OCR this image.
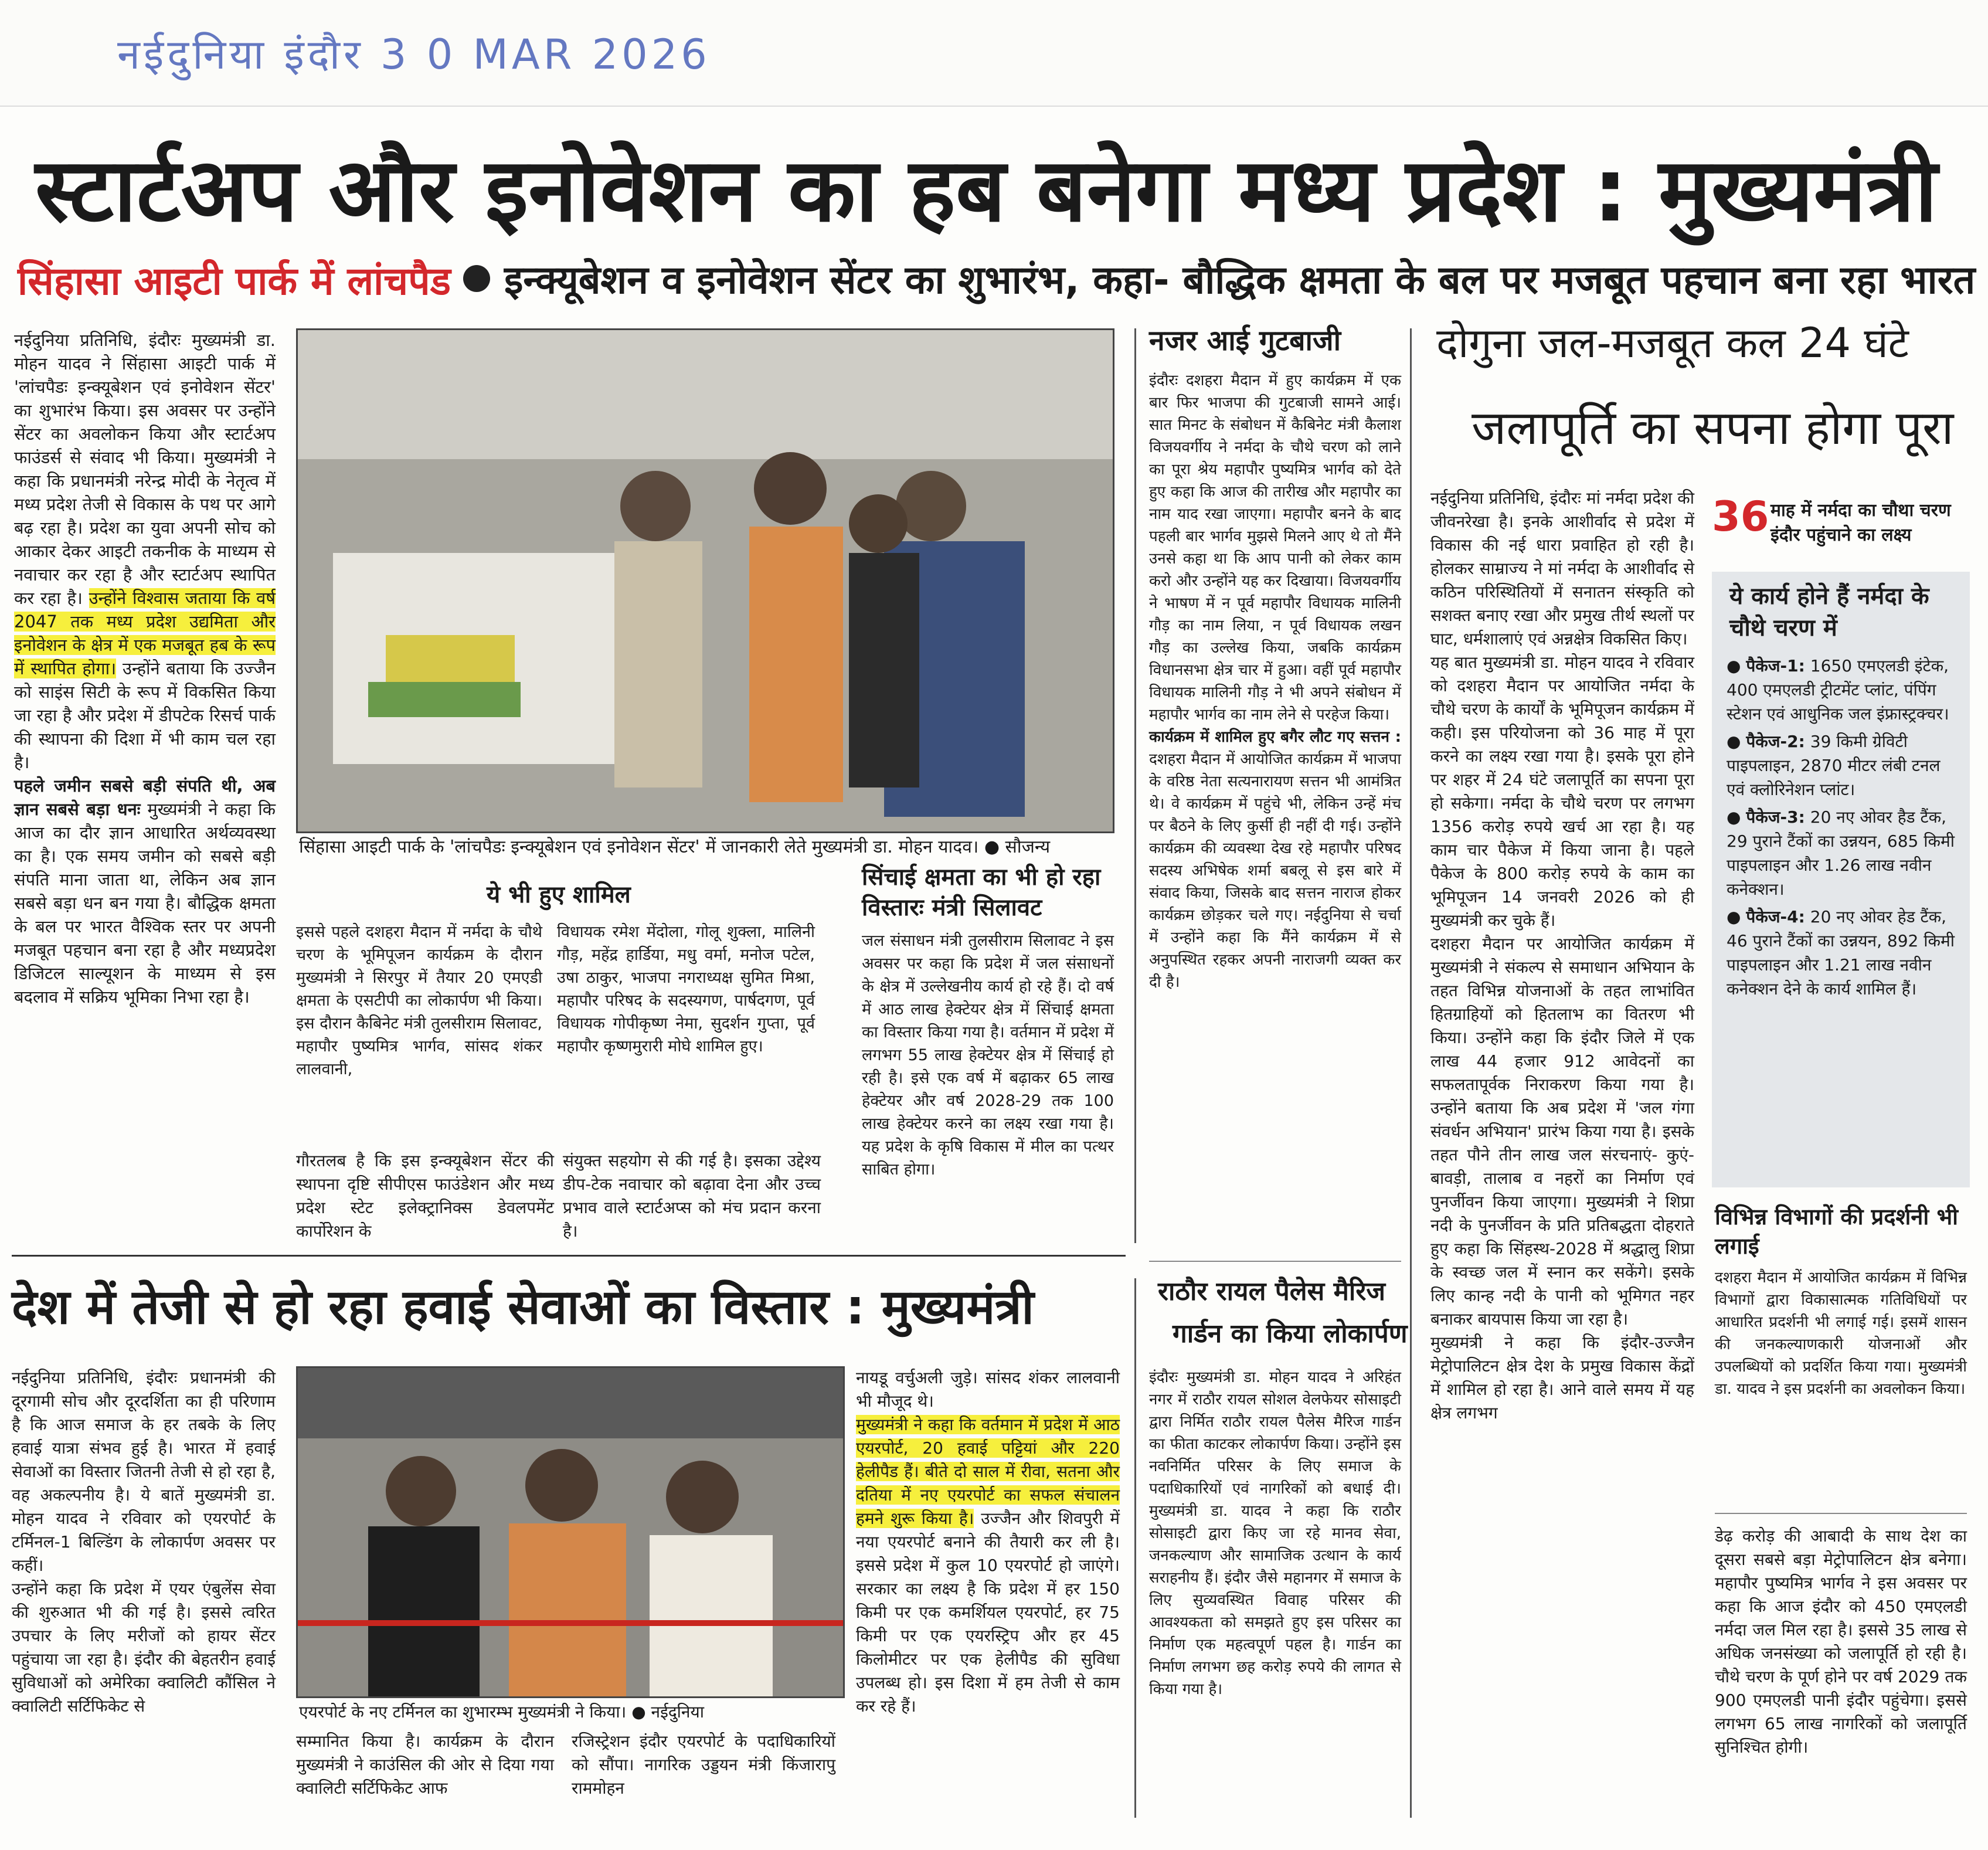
नईदुनिया इंदौर 3 0 MAR 2026
स्टार्टअप और इनोवेशन का हब बनेगा मध्य प्रदेश : मुख्यमंत्री
सिंहासा आइटी पार्क में लांचपैड इन्क्यूबेशन व इनोवेशन सेंटर का शुभारंभ, कहा- बौद्धिक क्षमता के बल पर मजबूत पहचान बना रहा भारत
नईदुनिया प्रतिनिधि, इंदौरः मुख्यमंत्री डा. मोहन यादव ने सिंहासा आइटी पार्क में 'लांचपैडः इन्क्यूबेशन एवं इनोवेशन सेंटर' का शुभारंभ किया। इस अवसर पर उन्होंने सेंटर का अवलोकन किया और स्टार्टअप फाउंडर्स से संवाद भी किया। मुख्यमंत्री ने कहा कि प्रधानमंत्री नरेन्द्र मोदी के नेतृत्व में मध्य प्रदेश तेजी से विकास के पथ पर आगे बढ़ रहा है। प्रदेश का युवा अपनी सोच को आकार देकर आइटी तकनीक के माध्यम से नवाचार कर रहा है और स्टार्टअप स्थापित कर रहा है। उन्होंने विश्वास जताया कि वर्ष 2047 तक मध्य प्रदेश उद्यमिता और इनोवेशन के क्षेत्र में एक मजबूत हब के रूप में स्थापित होगा। उन्होंने बताया कि उज्जैन को साइंस सिटी के रूप में विकसित किया जा रहा है और प्रदेश में डीपटेक रिसर्च पार्क की स्थापना की दिशा में भी काम चल रहा है।
पहले जमीन सबसे बड़ी संपति थी, अब ज्ञान सबसे बड़ा धनः मुख्यमंत्री ने कहा कि आज का दौर ज्ञान आधारित अर्थव्यवस्था का है। एक समय जमीन को सबसे बड़ी संपति माना जाता था, लेकिन अब ज्ञान सबसे बड़ा धन बन गया है। बौद्धिक क्षमता के बल पर भारत वैश्विक स्तर पर अपनी मजबूत पहचान बना रहा है और मध्यप्रदेश डिजिटल साल्यूशन के माध्यम से इस बदलाव में सक्रिय भूमिका निभा रहा है।
सिंहासा आइटी पार्क के 'लांचपैडः इन्क्यूबेशन एवं इनोवेशन सेंटर' में जानकारी लेते मुख्यमंत्री डा. मोहन यादव। ● सौजन्य
ये भी हुए शामिल
इससे पहले दशहरा मैदान में नर्मदा के चौथे चरण के भूमिपूजन कार्यक्रम के दौरान मुख्यमंत्री ने सिरपुर में तैयार 20 एमएडी क्षमता के एसटीपी का लोकार्पण भी किया। इस दौरान कैबिनेट मंत्री तुलसीराम सिलावट, महापौर पुष्यमित्र भार्गव, सांसद शंकर लालवानी,
विधायक रमेश मेंदोला, गोलू शुक्ला, मालिनी गौड़, महेंद्र हार्डिया, मधु वर्मा, मनोज पटेल, उषा ठाकुर, भाजपा नगराध्यक्ष सुमित मिश्रा, महापौर परिषद के सदस्यगण, पार्षदगण, पूर्व विधायक गोपीकृष्ण नेमा, सुदर्शन गुप्ता, पूर्व महापौर कृष्णमुरारी मोघे शामिल हुए।
गौरतलब है कि इस इन्क्यूबेशन सेंटर की स्थापना दृष्टि सीपीएस फाउंडेशन और मध्य प्रदेश स्टेट इलेक्ट्रानिक्स डेवलपमेंट कार्पोरेशन के
संयुक्त सहयोग से की गई है। इसका उद्देश्य डीप-टेक नवाचार को बढ़ावा देना और उच्च प्रभाव वाले स्टार्टअप्स को मंच प्रदान करना है।
सिंचाई क्षमता का भी हो रहा विस्तारः मंत्री सिलावट
जल संसाधन मंत्री तुलसीराम सिलावट ने इस अवसर पर कहा कि प्रदेश में जल संसाधनों के क्षेत्र में उल्लेखनीय कार्य हो रहे हैं। दो वर्ष में आठ लाख हेक्टेयर क्षेत्र में सिंचाई क्षमता का विस्तार किया गया है। वर्तमान में प्रदेश में लगभग 55 लाख हेक्टेयर क्षेत्र में सिंचाई हो रही है। इसे एक वर्ष में बढ़ाकर 65 लाख हेक्टेयर और वर्ष 2028-29 तक 100 लाख हेक्टेयर करने का लक्ष्य रखा गया है। यह प्रदेश के कृषि विकास में मील का पत्थर साबित होगा।
नजर आई गुटबाजी
इंदौरः दशहरा मैदान में हुए कार्यक्रम में एक बार फिर भाजपा की गुटबाजी सामने आई। सात मिनट के संबोधन में कैबिनेट मंत्री कैलाश विजयवर्गीय ने नर्मदा के चौथे चरण को लाने का पूरा श्रेय महापौर पुष्यमित्र भार्गव को देते हुए कहा कि आज की तारीख और महापौर का नाम याद रखा जाएगा। महापौर बनने के बाद पहली बार भार्गव मुझसे मिलने आए थे तो मैंने उनसे कहा था कि आप पानी को लेकर काम करो और उन्होंने यह कर दिखाया। विजयवर्गीय ने भाषण में न पूर्व महापौर विधायक मालिनी गौड़ का नाम लिया, न पूर्व विधायक लखन गौड़ का उल्लेख किया, जबकि कार्यक्रम विधानसभा क्षेत्र चार में हुआ। वहीं पूर्व महापौर विधायक मालिनी गौड़ ने भी अपने संबोधन में महापौर भार्गव का नाम लेने से परहेज किया।
कार्यक्रम में शामिल हुए बगैर लौट गए सत्तन : दशहरा मैदान में आयोजित कार्यक्रम में भाजपा के वरिष्ठ नेता सत्यनारायण सत्तन भी आमंत्रित थे। वे कार्यक्रम में पहुंचे भी, लेकिन उन्हें मंच पर बैठने के लिए कुर्सी ही नहीं दी गई। उन्होंने कार्यक्रम की व्यवस्था देख रहे महापौर परिषद सदस्य अभिषेक शर्मा बबलू से इस बारे में संवाद किया, जिसके बाद सत्तन नाराज होकर कार्यक्रम छोड़कर चले गए। नईदुनिया से चर्चा में उन्होंने कहा कि मैंने कार्यक्रम में से अनुपस्थित रहकर अपनी नाराजगी व्यक्त कर दी है।
राठौर रायल पैलेस मैरिज
गार्डन का किया लोकार्पण
इंदौरः मुख्यमंत्री डा. मोहन यादव ने अरिहंत नगर में राठौर रायल सोशल वेलफेयर सोसाइटी द्वारा निर्मित राठौर रायल पैलेस मैरिज गार्डन का फीता काटकर लोकार्पण किया। उन्होंने इस नवनिर्मित परिसर के लिए समाज के पदाधिकारियों एवं नागरिकों को बधाई दी। मुख्यमंत्री डा. यादव ने कहा कि राठौर सोसाइटी द्वारा किए जा रहे मानव सेवा, जनकल्याण और सामाजिक उत्थान के कार्य सराहनीय हैं। इंदौर जैसे महानगर में समाज के लिए सुव्यवस्थित विवाह परिसर की आवश्यकता को समझते हुए इस परिसर का निर्माण एक महत्वपूर्ण पहल है। गार्डन का निर्माण लगभग छह करोड़ रुपये की लागत से किया गया है।
दोगुना जल-मजबूत कल 24 घंटे
जलापूर्ति का सपना होगा पूरा
नईदुनिया प्रतिनिधि, इंदौरः मां नर्मदा प्रदेश की जीवनरेखा है। इनके आशीर्वाद से प्रदेश में विकास की नई धारा प्रवाहित हो रही है। होलकर साम्राज्य ने मां नर्मदा के आशीर्वाद से कठिन परिस्थितियों में सनातन संस्कृति को सशक्त बनाए रखा और प्रमुख तीर्थ स्थलों पर घाट, धर्मशालाएं एवं अन्नक्षेत्र विकसित किए।
यह बात मुख्यमंत्री डा. मोहन यादव ने रविवार को दशहरा मैदान पर आयोजित नर्मदा के चौथे चरण के कार्यों के भूमिपूजन कार्यक्रम में कही। इस परियोजना को 36 माह में पूरा करने का लक्ष्य रखा गया है। इसके पूरा होने पर शहर में 24 घंटे जलापूर्ति का सपना पूरा हो सकेगा। नर्मदा के चौथे चरण पर लगभग 1356 करोड़ रुपये खर्च आ रहा है। यह काम चार पैकेज में किया जाना है। पहले पैकेज के 800 करोड़ रुपये के काम का भूमिपूजन 14 जनवरी 2026 को ही मुख्यमंत्री कर चुके हैं।
दशहरा मैदान पर आयोजित कार्यक्रम में मुख्यमंत्री ने संकल्प से समाधान अभियान के तहत विभिन्न योजनाओं के तहत लाभांवित हितग्राहियों को हितलाभ का वितरण भी किया। उन्होंने कहा कि इंदौर जिले में एक लाख 44 हजार 912 आवेदनों का सफलतापूर्वक निराकरण किया गया है। उन्होंने बताया कि अब प्रदेश में 'जल गंगा संवर्धन अभियान' प्रारंभ किया गया है। इसके तहत पौने तीन लाख जल संरचनाएं- कुएं-बावड़ी, तालाब व नहरों का निर्माण एवं पुनर्जीवन किया जाएगा। मुख्यमंत्री ने शिप्रा नदी के पुनर्जीवन के प्रति प्रतिबद्धता दोहराते हुए कहा कि सिंहस्थ-2028 में श्रद्धालु शिप्रा के स्वच्छ जल में स्नान कर सकेंगे। इसके लिए कान्ह नदी के पानी को भूमिगत नहर बनाकर बायपास किया जा रहा है।
मुख्यमंत्री ने कहा कि इंदौर-उज्जैन मेट्रोपालिटन क्षेत्र देश के प्रमुख विकास केंद्रों में शामिल हो रहा है। आने वाले समय में यह क्षेत्र लगभग
36 माह में नर्मदा का चौथा चरण इंदौर पहुंचाने का लक्ष्य
ये कार्य होने हैं नर्मदा के चौथे चरण में
● पैकेज-1: 1650 एमएलडी इंटेक, 400 एमएलडी ट्रीटमेंट प्लांट, पंपिंग स्टेशन एवं आधुनिक जल इंफ्रास्ट्रक्चर।
● पैकेज-2: 39 किमी ग्रेविटी पाइपलाइन, 2870 मीटर लंबी टनल एवं क्लोरिनेशन प्लांट।
● पैकेज-3: 20 नए ओवर हैड टैंक, 29 पुराने टैंकों का उन्नयन, 685 किमी पाइपलाइन और 1.26 लाख नवीन कनेक्शन।
● पैकेज-4: 20 नए ओवर हेड टैंक, 46 पुराने टैंकों का उन्नयन, 892 किमी पाइपलाइन और 1.21 लाख नवीन कनेक्शन देने के कार्य शामिल हैं।
विभिन्न विभागों की प्रदर्शनी भी लगाई
दशहरा मैदान में आयोजित कार्यक्रम में विभिन्न विभागों द्वारा विकासात्मक गतिविधियों पर आधारित प्रदर्शनी भी लगाई गई। इसमें शासन की जनकल्याणकारी योजनाओं और उपलब्धियों को प्रदर्शित किया गया। मुख्यमंत्री डा. यादव ने इस प्रदर्शनी का अवलोकन किया।
डेढ़ करोड़ की आबादी के साथ देश का दूसरा सबसे बड़ा मेट्रोपालिटन क्षेत्र बनेगा। महापौर पुष्यमित्र भार्गव ने इस अवसर पर कहा कि आज इंदौर को 450 एमएलडी नर्मदा जल मिल रहा है। इससे 35 लाख से अधिक जनसंख्या को जलापूर्ति हो रही है। चौथे चरण के पूर्ण होने पर वर्ष 2029 तक 900 एमएलडी पानी इंदौर पहुंचेगा। इससे लगभग 65 लाख नागरिकों को जलापूर्ति सुनिश्चित होगी।
देश में तेजी से हो रहा हवाई सेवाओं का विस्तार : मुख्यमंत्री
नईदुनिया प्रतिनिधि, इंदौरः प्रधानमंत्री की दूरगामी सोच और दूरदर्शिता का ही परिणाम है कि आज समाज के हर तबके के लिए हवाई यात्रा संभव हुई है। भारत में हवाई सेवाओं का विस्तार जितनी तेजी से हो रहा है, वह अकल्पनीय है। ये बातें मुख्यमंत्री डा. मोहन यादव ने रविवार को एयरपोर्ट के टर्मिनल-1 बिल्डिंग के लोकार्पण अवसर पर कहीं।
उन्होंने कहा कि प्रदेश में एयर एंबुलेंस सेवा की शुरुआत भी की गई है। इससे त्वरित उपचार के लिए मरीजों को हायर सेंटर पहुंचाया जा रहा है। इंदौर की बेहतरीन हवाई सुविधाओं को अमेरिका क्वालिटी कौंसिल ने क्वालिटी सर्टिफिकेट से	एयरपोर्ट के नए टर्मिनल का शुभारम्भ मुख्यमंत्री ने किया। ● नईदुनिया
सम्मानित किया है। कार्यक्रम के दौरान मुख्यमंत्री ने काउंसिल की ओर से दिया गया क्वालिटी सर्टिफिकेट आफ
रजिस्ट्रेशन इंदौर एयरपोर्ट के पदाधिकारियों को सौंपा। नागरिक उड्डयन मंत्री किंजारापु राममोहन
नायडू वर्चुअली जुड़े। सांसद शंकर लालवानी भी मौजूद थे।
मुख्यमंत्री ने कहा कि वर्तमान में प्रदेश में आठ एयरपोर्ट, 20 हवाई पट्टियां और 220 हेलीपैड हैं। बीते दो साल में रीवा, सतना और दतिया में नए एयरपोर्ट का सफल संचालन हमने शुरू किया है। उज्जैन और शिवपुरी में नया एयरपोर्ट बनाने की तैयारी कर ली है। इससे प्रदेश में कुल 10 एयरपोर्ट हो जाएंगे। सरकार का लक्ष्य है कि प्रदेश में हर 150 किमी पर एक कमर्शियल एयरपोर्ट, हर 75 किमी पर एक एयरस्ट्रिप और हर 45 किलोमीटर पर एक हेलीपैड की सुविधा उपलब्ध हो। इस दिशा में हम तेजी से काम कर रहे हैं।
